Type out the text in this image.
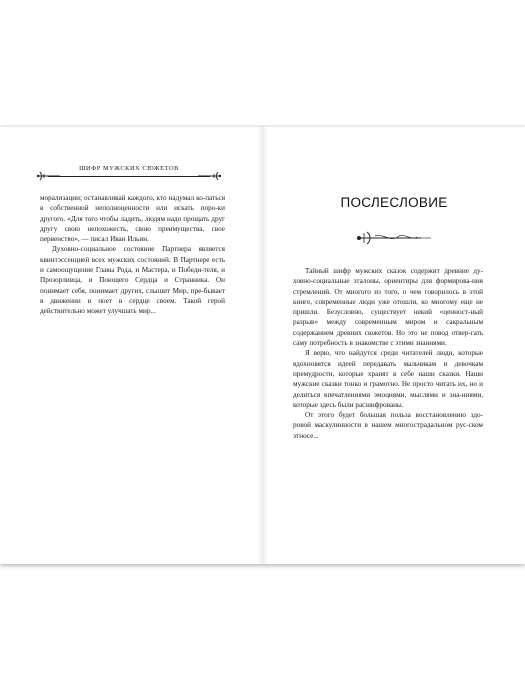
ШИФР МУЖСКИХ СЮЖЕТОВ

морализации; останавливай каждого, кто надумал ко-паться в собственной неполноценности или искать поро-ки другого. «Для того чтобы ладить, людям надо прощать друг другу свою непохожесть, свою преимущества, свое первенство», — писал Иван Ильин.

Духовно-социальное состояние Партнера является квинтэссенцией всех мужских состояний. В Партнере есть и самоощущение Главы Рода, и Мастера, и Победи-теля, и Прозорливца, и Поющего Сердца и Странника. Он понимает себя, понимает других, слышит Мир, пре-бывает в движении и поет в сердце своем. Такой герой действительно может улучшать мир...

ПОСЛЕСЛОВИЕ

Тайный шифр мужских сказок содержит древние ду-ховно-социальные эталоны, ориентиры для формирова-ния стремлений. От многого из того, о чем говорилось в этой книге, современные люди уже отошли, ко многому еще не пришли. Безусловно, существует некий «ценност-ный разрыв» между современным миром и сакральным содержанием древних сюжетов. Но это не повод отвер-гать саму потребность в знакомстве с этими знаниями.

Я верю, что найдутся среди читателей люди, которые вдохновятся идеей передавать мальчикам и девочкам премудрости, которые хранят в себе наши сказки. Наши мужские сказки тонко и грамотно. Не просто читать их, но и делиться впечатлениями эмоциями, мыслями и зна-ниями, которые здесь были расшифрованы.

От этого будет большая польза восстановлению здо-ровой маскулинности в нашем многострадальном рус-ском этносе...
